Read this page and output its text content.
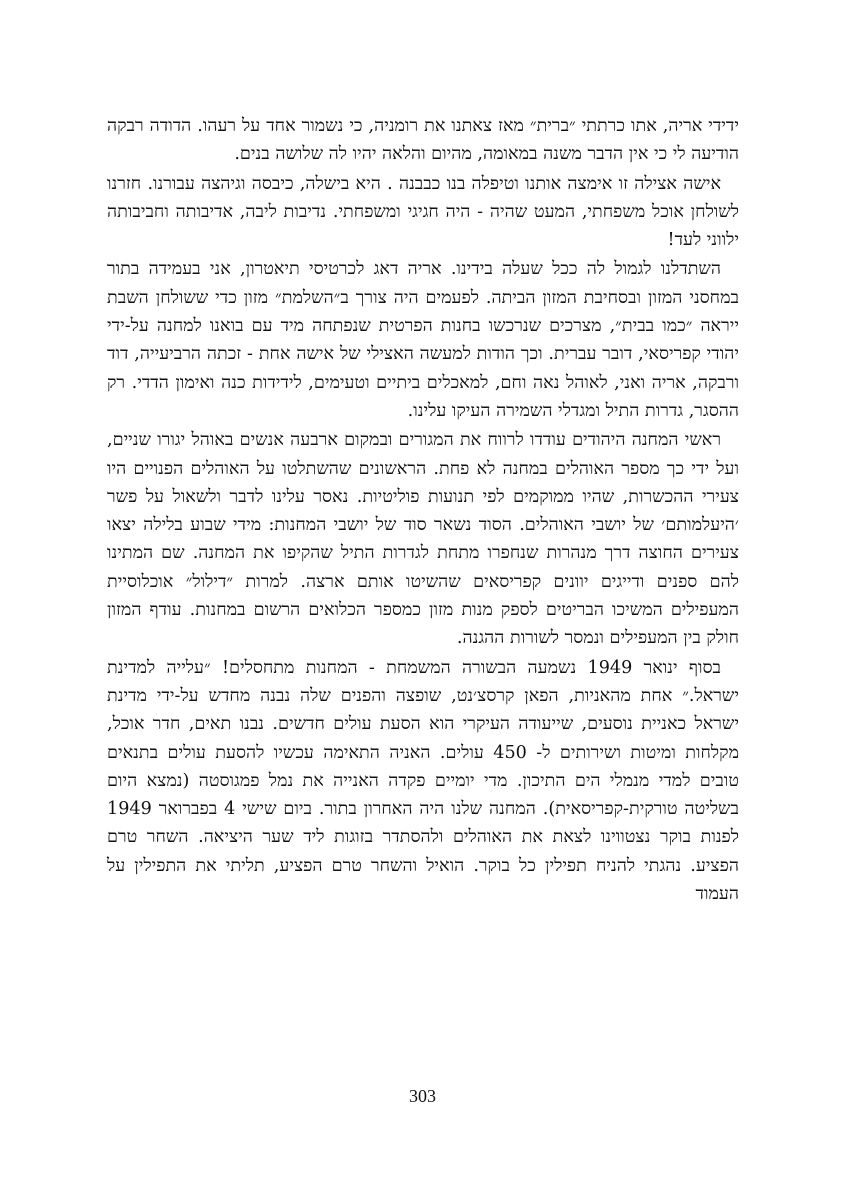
ידידי אריה, אתו כרתתי ״ברית״ מאז צאתנו את רומניה, כי נשמור אחד על רעהו. הדודה רבקה הודיעה לי כי אין הדבר משנה במאומה, מהיום והלאה יהיו לה שלושה בנים.

אישה אצילה זו אימצה אותנו וטיפלה בנו כבבנה . היא בישלה, כיבסה וגיהצה עבורנו. חזרנו לשולחן אוכל משפחתי, המעט שהיה - היה חגיגי ומשפחתי. נדיבות ליבה, אדיבותה וחביבותה ילווני לעד!

השתדלנו לגמול לה ככל שעלה בידינו. אריה דאג לכרטיסי תיאטרון, אני בעמידה בתור במחסני המזון ובסחיבת המזון הביתה. לפעמים היה צורך ב״השלמת״ מזון כדי ששולחן השבת ייראה ״כמו בבית״, מצרכים שנרכשו בחנות הפרטית שנפתחה מיד עם בואנו למחנה על-ידי יהודי קפריסאי, דובר עברית. וכך הודות למעשה האצילי של אישה אחת - זכתה הרביעייה, דוד ורבקה, אריה ואני, לאוהל נאה וחם, למאכלים ביתיים וטעימים, לידידות כנה ואימון הדדי. רק ההסגר, גדרות התיל ומגדלי השמירה העיקו עלינו.

ראשי המחנה היהודים עודדו לרווח את המגורים ובמקום ארבעה אנשים באוהל יגורו שניים, ועל ידי כך מספר האוהלים במחנה לא פחת. הראשונים שהשתלטו על האוהלים הפנויים היו צעירי ההכשרות, שהיו ממוקמים לפי תנועות פוליטיות. נאסר עלינו לדבר ולשאול על פשר ׳היעלמותם׳ של יושבי האוהלים. הסוד נשאר סוד של יושבי המחנות: מידי שבוע בלילה יצאו צעירים החוצה דרך מנהרות שנחפרו מתחת לגדרות התיל שהקיפו את המחנה. שם המתינו להם ספנים ודייגים יוונים קפריסאים שהשיטו אותם ארצה. למרות ״דילול״ אוכלוסיית המעפילים המשיכו הבריטים לספק מנות מזון כמספר הכלואים הרשום במחנות. עודף המזון חולק בין המעפילים ונמסר לשורות ההגנה.

בסוף ינואר 1949 נשמעה הבשורה המשמחת - המחנות מתחסלים! ״עלייה למדינת ישראל.״ אחת מהאניות, הפאן קרסצ׳נט, שופצה והפנים שלה נבנה מחדש על-ידי מדינת ישראל כאניית נוסעים, שייעודה העיקרי הוא הסעת עולים חדשים. נבנו תאים, חדר אוכל, מקלחות ומיטות ושירותים ל- 450 עולים. האניה התאימה עכשיו להסעת עולים בתנאים טובים למדי מנמלי הים התיכון. מדי יומיים פקדה האנייה את נמל פמגוסטה (נמצא היום בשליטה טורקית-קפריסאית). המחנה שלנו היה האחרון בתור. ביום שישי 4 בפברואר 1949 לפנות בוקר נצטווינו לצאת את האוהלים ולהסתדר בזוגות ליד שער היציאה. השחר טרם הפציע. נהגתי להניח תפילין כל בוקר. הואיל והשחר טרם הפציע, תליתי את התפילין על העמוד

303
